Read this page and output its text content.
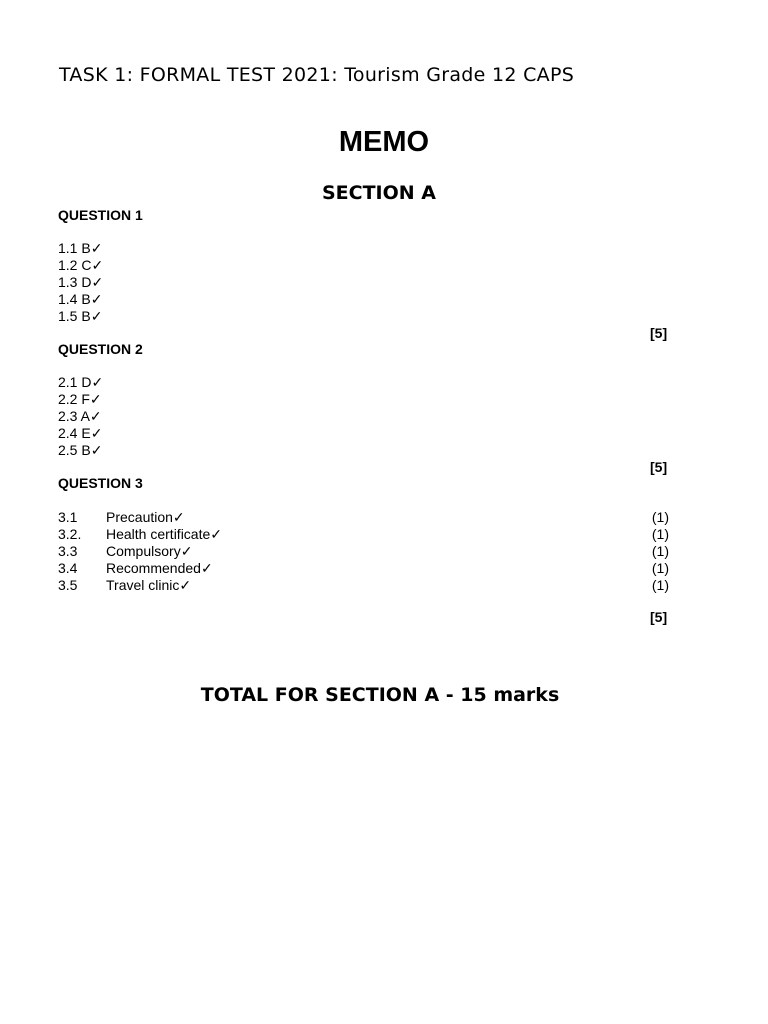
TASK 1: FORMAL TEST 2021: Tourism Grade 12 CAPS
MEMO
SECTION A
QUESTION 1
1.1 B✓
1.2 C✓
1.3 D✓
1.4 B✓
1.5 B✓
[5]
QUESTION 2
2.1 D✓
2.2 F✓
2.3 A✓
2.4 E✓
2.5 B✓
[5]
QUESTION 3
3.1 Precaution✓	(1)
3.2. Health certificate✓	(1)
3.3 Compulsory✓	(1)
3.4 Recommended✓	(1)
3.5 Travel clinic✓	(1)
[5]
TOTAL FOR SECTION A - 15 marks
